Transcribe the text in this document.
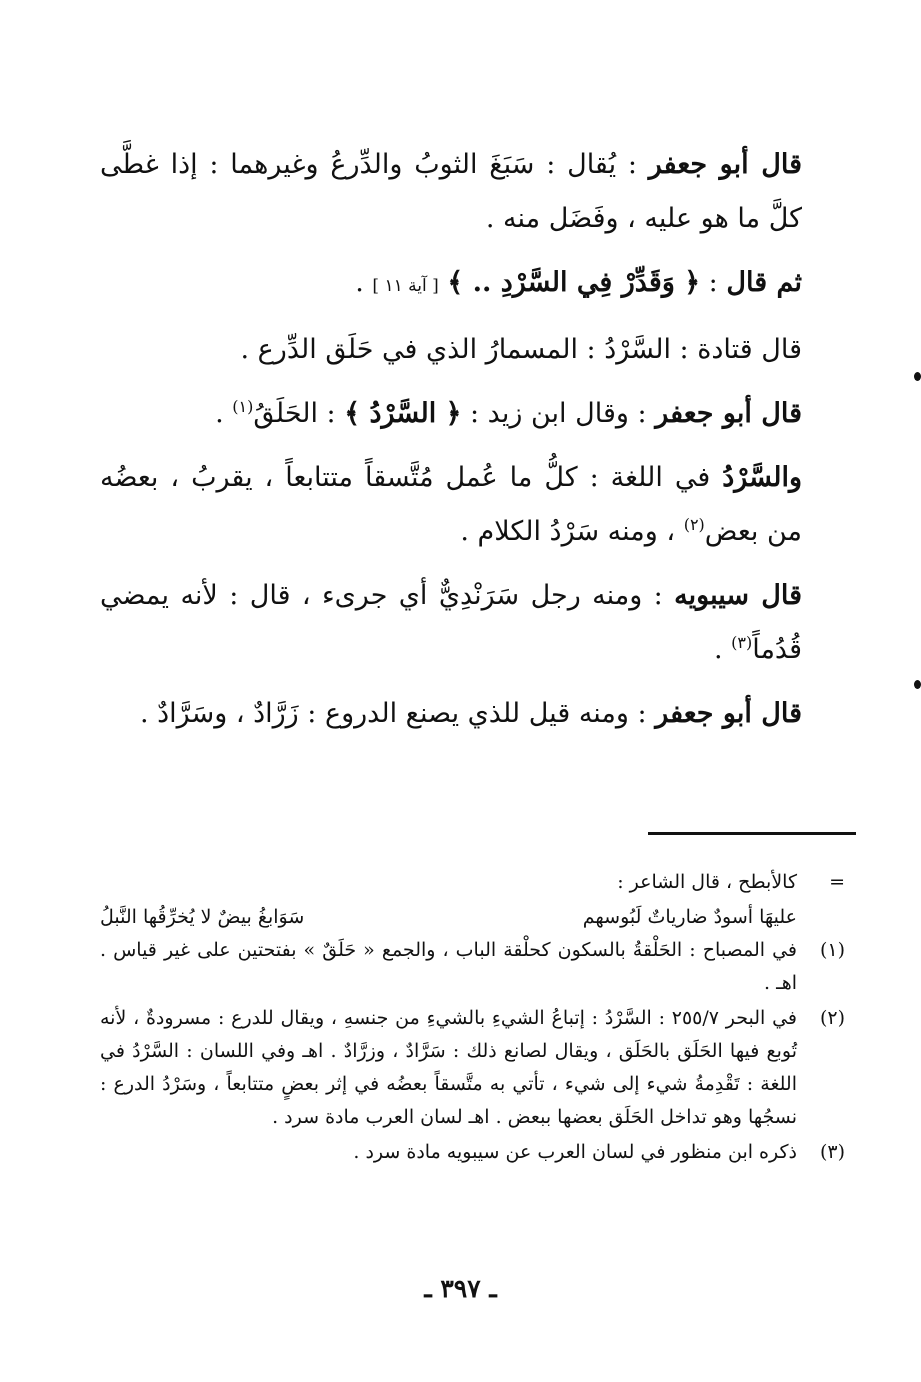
قال أبو جعفر : يُقال : سَبَغَ الثوبُ والدِّرعُ وغيرهما : إذا غطَّى كلَّ ما هو عليه ، وفَضَل منه .

ثم قال : ﴿ وَقَدِّرْ فِي السَّرْدِ .. ﴾ [ آية ١١ ] .

قال قتادة : السَّرْدُ : المسمارُ الذي في حَلَق الدِّرع .

قال أبو جعفر : وقال ابن زيد : ﴿ السَّرْدُ ﴾ : الحَلَقُ$^{(١)}$ .

والسَّرْدُ في اللغة : كلُّ ما عُمل مُتَّسقاً متتابعاً ، يقربُ ، بعضُه من بعض$^{(٢)}$ ، ومنه سَرْدُ الكلام .

قال سيبويه : ومنه رجل سَرَنْدِيٌّ أي جرىء ، قال : لأنه يمضي قُدُماً$^{(٣)}$ .

قال أبو جعفر : ومنه قيل للذي يصنع الدروع : زَرَّادٌ ، وسَرَّادٌ .

=
كالأبطح ، قال الشاعر :
عليهَا أسودٌ ضارياتٌ لَبُوسهم
سَوَابغُ بيضٌ لا يُخرِّقُها النَّبلُ
(١)
في المصباح : الحَلْقةُ بالسكون كحلْقة الباب ، والجمع « حَلَقٌ » بفتحتين على غير قياس . اهـ .
(٢)
في البحر ٢٥٥/٧ : السَّرْدُ : إتباعُ الشيءِ بالشيءِ من جنسهِ ، ويقال للدرع : مسرودةٌ ، لأنه تُوبع فيها الحَلَق بالحَلَق ، ويقال لصانع ذلك : سَرَّادٌ ، وزرَّادٌ . اهـ وفي اللسان : السَّرْدُ في اللغة : تَقْدِمةُ شيء إلى شيء ، تأتي به متَّسقاً بعضُه في إثر بعضٍ متتابعاً ، وسَرْدُ الدرع : نسجُها وهو تداخل الحَلَق بعضها ببعض . اهـ لسان العرب مادة سرد .
(٣)
ذكره ابن منظور في لسان العرب عن سيبويه مادة سرد .
ـ ٣٩٧ ـ
